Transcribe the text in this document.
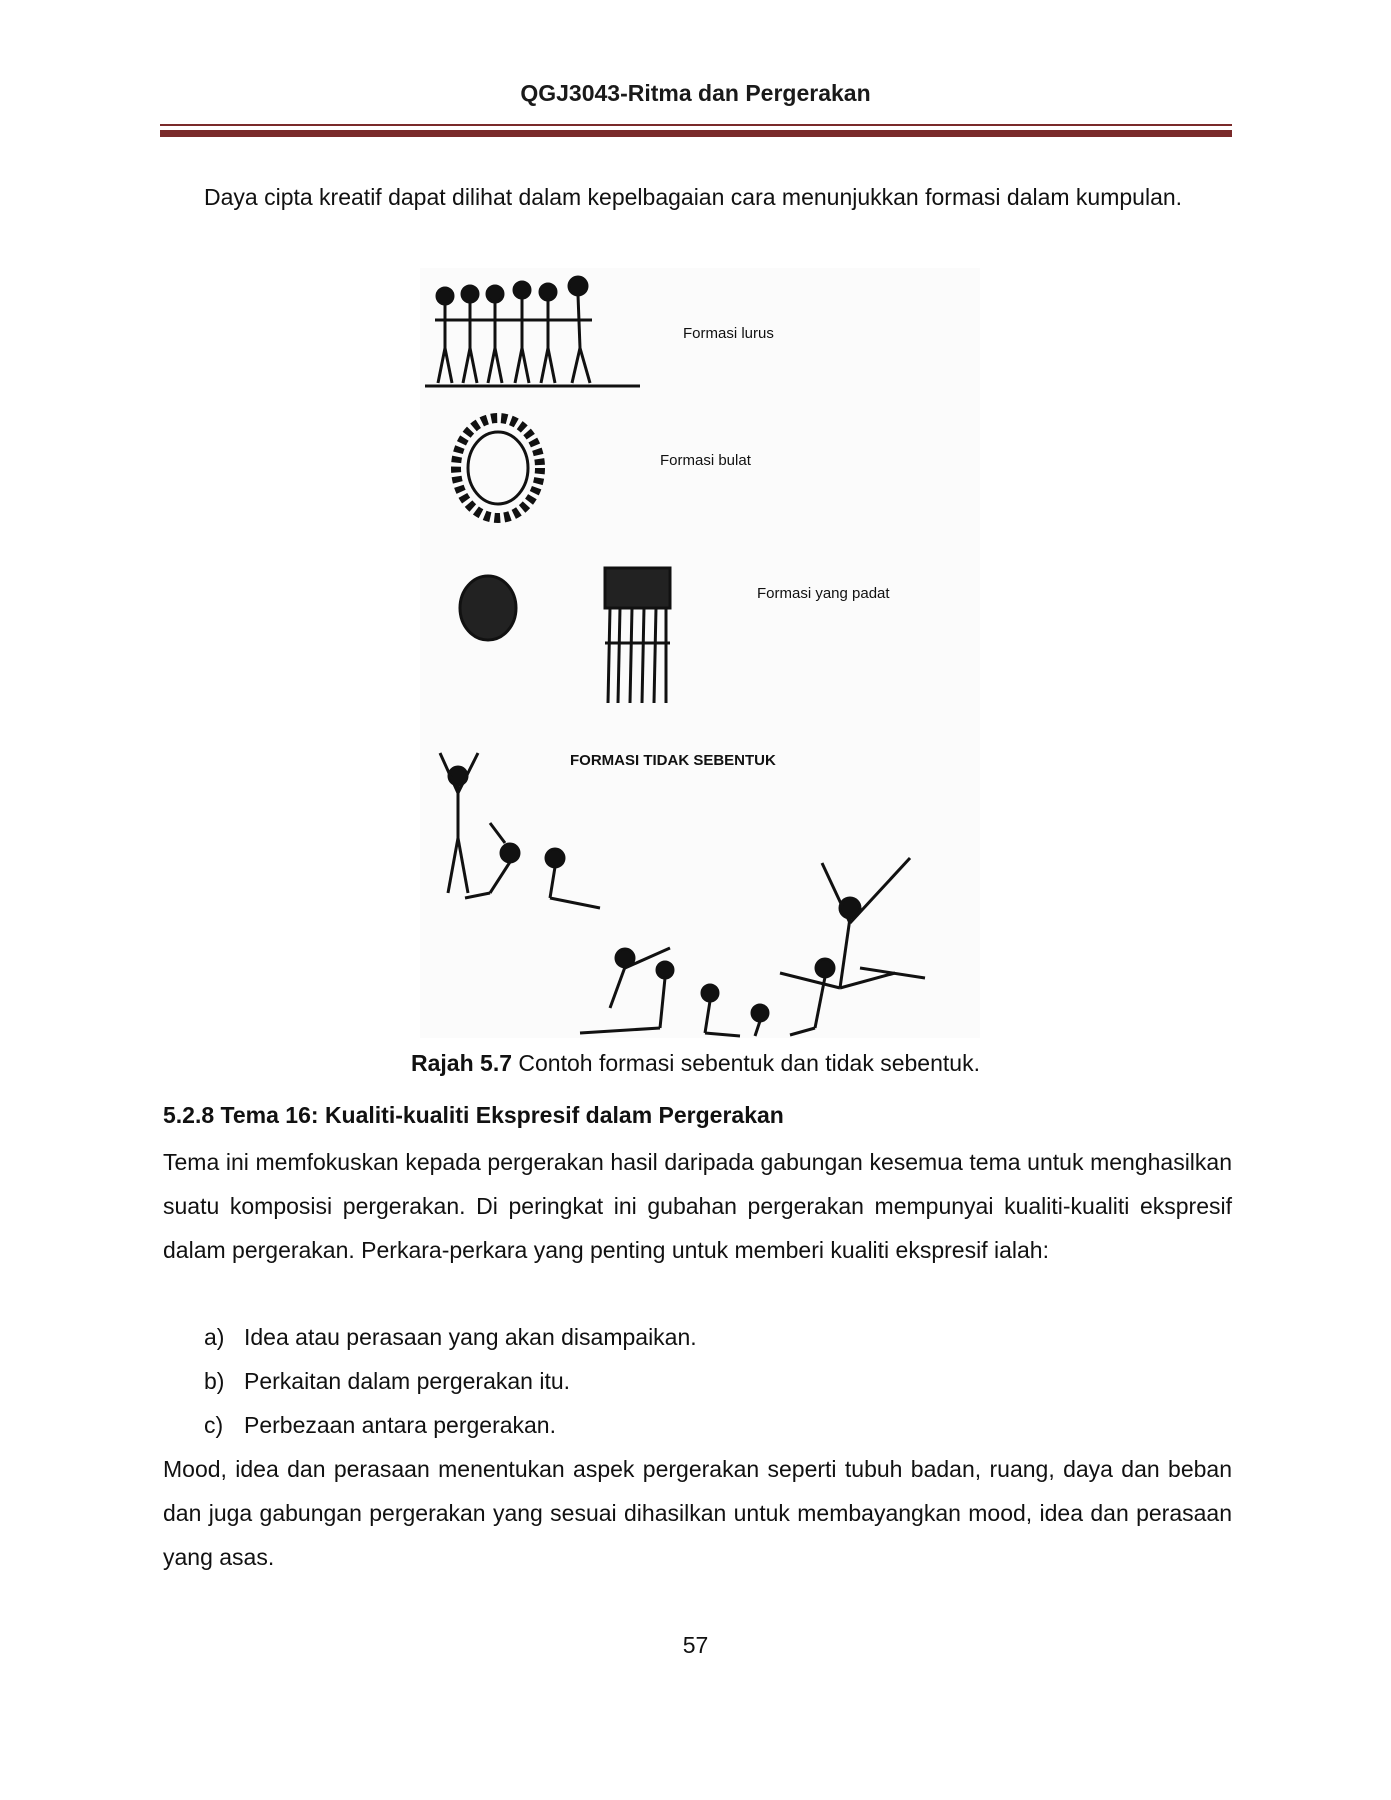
QGJ3043-Ritma dan Pergerakan

Daya cipta kreatif dapat dilihat dalam kepelbagaian cara menunjukkan formasi dalam kumpulan.

Formasi lurus
Formasi bulat
Formasi yang padat
FORMASI TIDAK SEBENTUK
Rajah 5.7 Contoh formasi sebentuk dan tidak sebentuk.
5.2.8 Tema 16: Kualiti-kualiti Ekspresif dalam Pergerakan

Tema ini memfokuskan kepada pergerakan hasil daripada gabungan kesemua tema untuk menghasilkan suatu komposisi pergerakan. Di peringkat ini gubahan pergerakan mempunyai kualiti-kualiti ekspresif dalam pergerakan. Perkara-perkara yang penting untuk memberi kualiti ekspresif ialah:

a) Idea atau perasaan yang akan disampaikan.
b) Perkaitan dalam pergerakan itu.
c) Perbezaan antara pergerakan.

Mood, idea dan perasaan menentukan aspek pergerakan seperti tubuh badan, ruang, daya dan beban dan juga gabungan pergerakan yang sesuai dihasilkan untuk membayangkan mood, idea dan perasaan yang asas.

57
